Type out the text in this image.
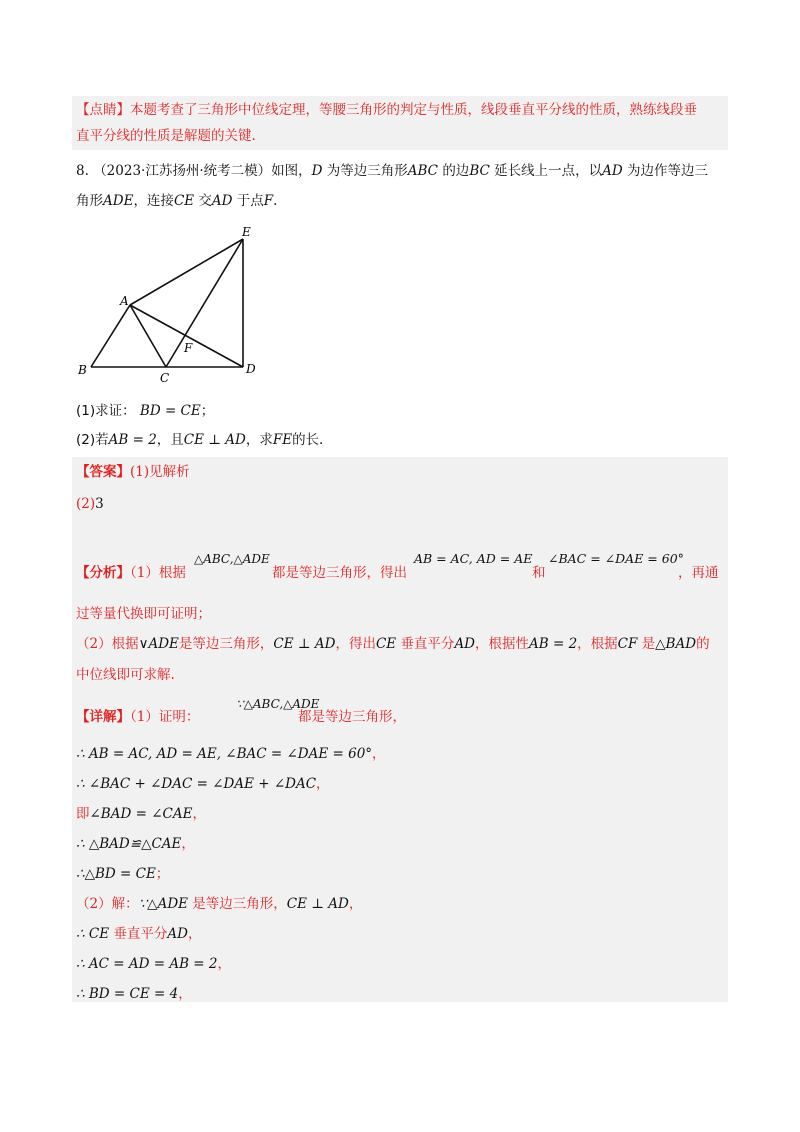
【点睛】本题考查了三角形中位线定理，等腰三角形的判定与性质，线段垂直平分线的性质，熟练线段垂
直平分线的性质是解题的关键.
8. （2023·江苏扬州·统考二模）如图，D 为等边三角形ABC 的边BC 延长线上一点，以AD 为边作等边三
角形ADE，连接CE 交AD 于点F.
A
B
C
D
E
F
(1)求证： BD = CE；
(2)若AB = 2，且CE ⊥ AD，求FE的长.
【答案】(1)见解析
(2)3
【分析】（1）根据
△ABC,△ADE
都是等边三角形，得出
AB = AC, AD = AE
和
∠BAC = ∠DAE = 60°
，再通
过等量代换即可证明；
（2）根据∨ADE是等边三角形，CE ⊥ AD，得出CE 垂直平分AD，根据性AB = 2，根据CF 是△BAD的
中位线即可求解.
【详解】（1）证明：
∵△ABC,△ADE
都是等边三角形，
∴ AB = AC, AD = AE, ∠BAC = ∠DAE = 60°，
∴ ∠BAC + ∠DAC = ∠DAE + ∠DAC，
即∠BAD = ∠CAE，
∴ △BAD≌△CAE，
∴△BD = CE；
（2）解：∵△ADE 是等边三角形，CE ⊥ AD，
∴ CE 垂直平分AD，
∴ AC = AD = AB = 2，
∴ BD = CE = 4，
